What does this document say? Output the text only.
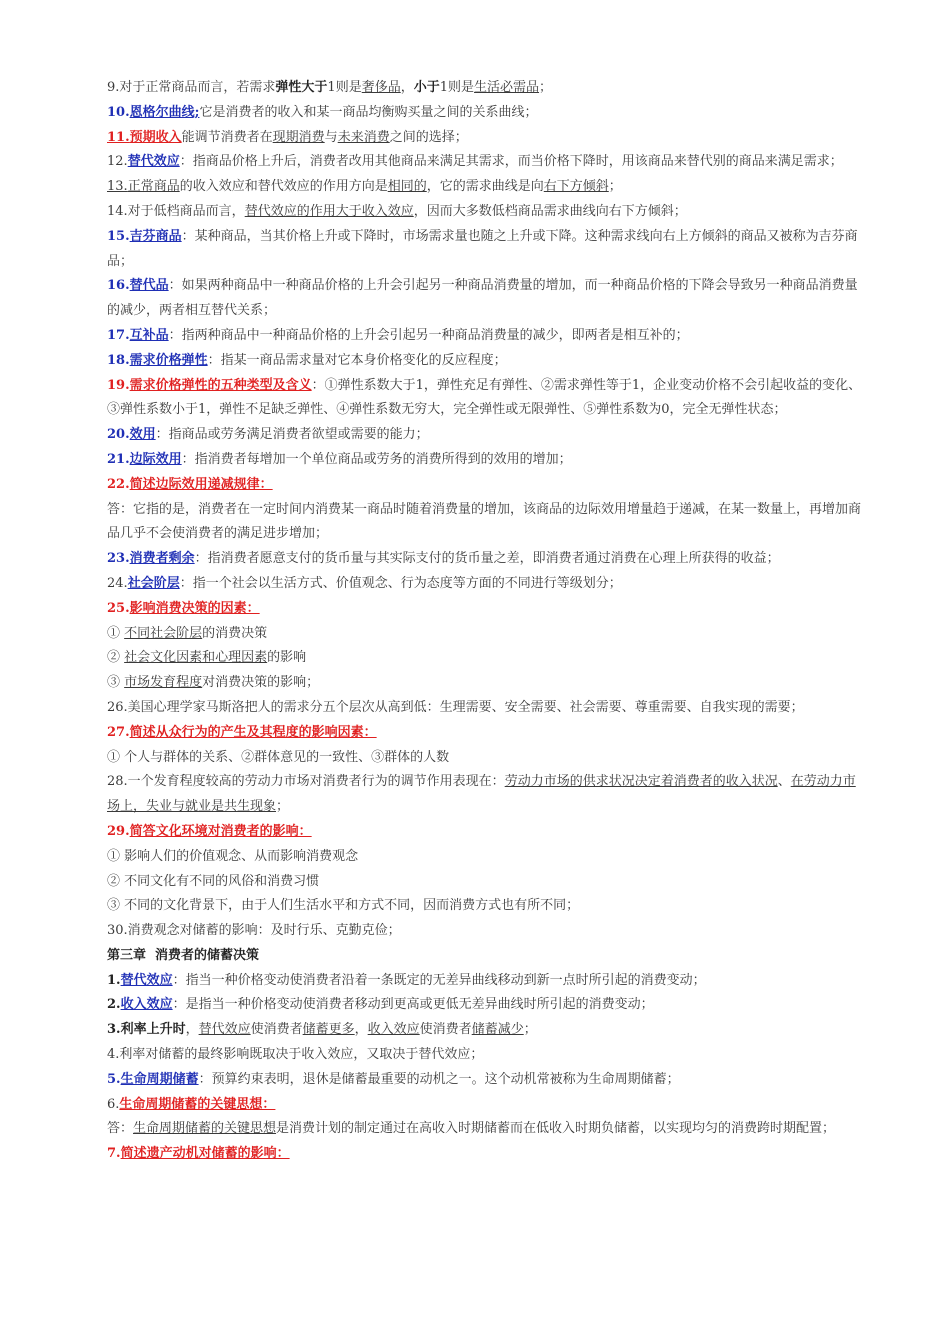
9.对于正常商品而言，若需求弹性大于1则是奢侈品，小于1则是生活必需品；

10.恩格尔曲线;它是消费者的收入和某一商品均衡购买量之间的关系曲线；

11.预期收入能调节消费者在现期消费与未来消费之间的选择；

12.替代效应：指商品价格上升后，消费者改用其他商品来满足其需求，而当价格下降时，用该商品来替代别的商品来满足需求；

13.正常商品的收入效应和替代效应的作用方向是相同的，它的需求曲线是向右下方倾斜；

14.对于低档商品而言，替代效应的作用大于收入效应，因而大多数低档商品需求曲线向右下方倾斜；

15.吉芬商品：某种商品，当其价格上升或下降时，市场需求量也随之上升或下降。这种需求线向右上方倾斜的商品又被称为吉芬商品；

16.替代品：如果两种商品中一种商品价格的上升会引起另一种商品消费量的增加，而一种商品价格的下降会导致另一种商品消费量的减少，两者相互替代关系；

17.互补品：指两种商品中一种商品价格的上升会引起另一种商品消费量的减少，即两者是相互补的；

18.需求价格弹性：指某一商品需求量对它本身价格变化的反应程度；

19.需求价格弹性的五种类型及含义：①弹性系数大于1，弹性充足有弹性、②需求弹性等于1，企业变动价格不会引起收益的变化、③弹性系数小于1，弹性不足缺乏弹性、④弹性系数无穷大，完全弹性或无限弹性、⑤弹性系数为0，完全无弹性状态；

20.效用：指商品或劳务满足消费者欲望或需要的能力；

21.边际效用：指消费者每增加一个单位商品或劳务的消费所得到的效用的增加；

22.简述边际效用递减规律：

答：它指的是，消费者在一定时间内消费某一商品时随着消费量的增加，该商品的边际效用增量趋于递减，在某一数量上，再增加商品几乎不会使消费者的满足进步增加；

23.消费者剩余：指消费者愿意支付的货币量与其实际支付的货币量之差，即消费者通过消费在心理上所获得的收益；

24.社会阶层：指一个社会以生活方式、价值观念、行为态度等方面的不同进行等级划分；

25.影响消费决策的因素：

① 不同社会阶层的消费决策

② 社会文化因素和心理因素的影响

③ 市场发育程度对消费决策的影响；

26.美国心理学家马斯洛把人的需求分五个层次从高到低：生理需要、安全需要、社会需要、尊重需要、自我实现的需要；

27.简述从众行为的产生及其程度的影响因素：

① 个人与群体的关系、②群体意见的一致性、③群体的人数

28.一个发育程度较高的劳动力市场对消费者行为的调节作用表现在：劳动力市场的供求状况决定着消费者的收入状况、在劳动力市场上，失业与就业是共生现象；

29.简答文化环境对消费者的影响：

① 影响人们的价值观念、从而影响消费观念

② 不同文化有不同的风俗和消费习惯

③ 不同的文化背景下，由于人们生活水平和方式不同，因而消费方式也有所不同；

30.消费观念对储蓄的影响：及时行乐、克勤克俭；

第三章  消费者的储蓄决策

1.替代效应：指当一种价格变动使消费者沿着一条既定的无差异曲线移动到新一点时所引起的消费变动；

2.收入效应：是指当一种价格变动使消费者移动到更高或更低无差异曲线时所引起的消费变动；

3.利率上升时，替代效应使消费者储蓄更多，收入效应使消费者储蓄减少；

4.利率对储蓄的最终影响既取决于收入效应，又取决于替代效应；

5.生命周期储蓄：预算约束表明，退休是储蓄最重要的动机之一。这个动机常被称为生命周期储蓄；

6.生命周期储蓄的关键思想：

答：生命周期储蓄的关键思想是消费计划的制定通过在高收入时期储蓄而在低收入时期负储蓄，以实现均匀的消费跨时期配置；

7.简述遗产动机对储蓄的影响：
